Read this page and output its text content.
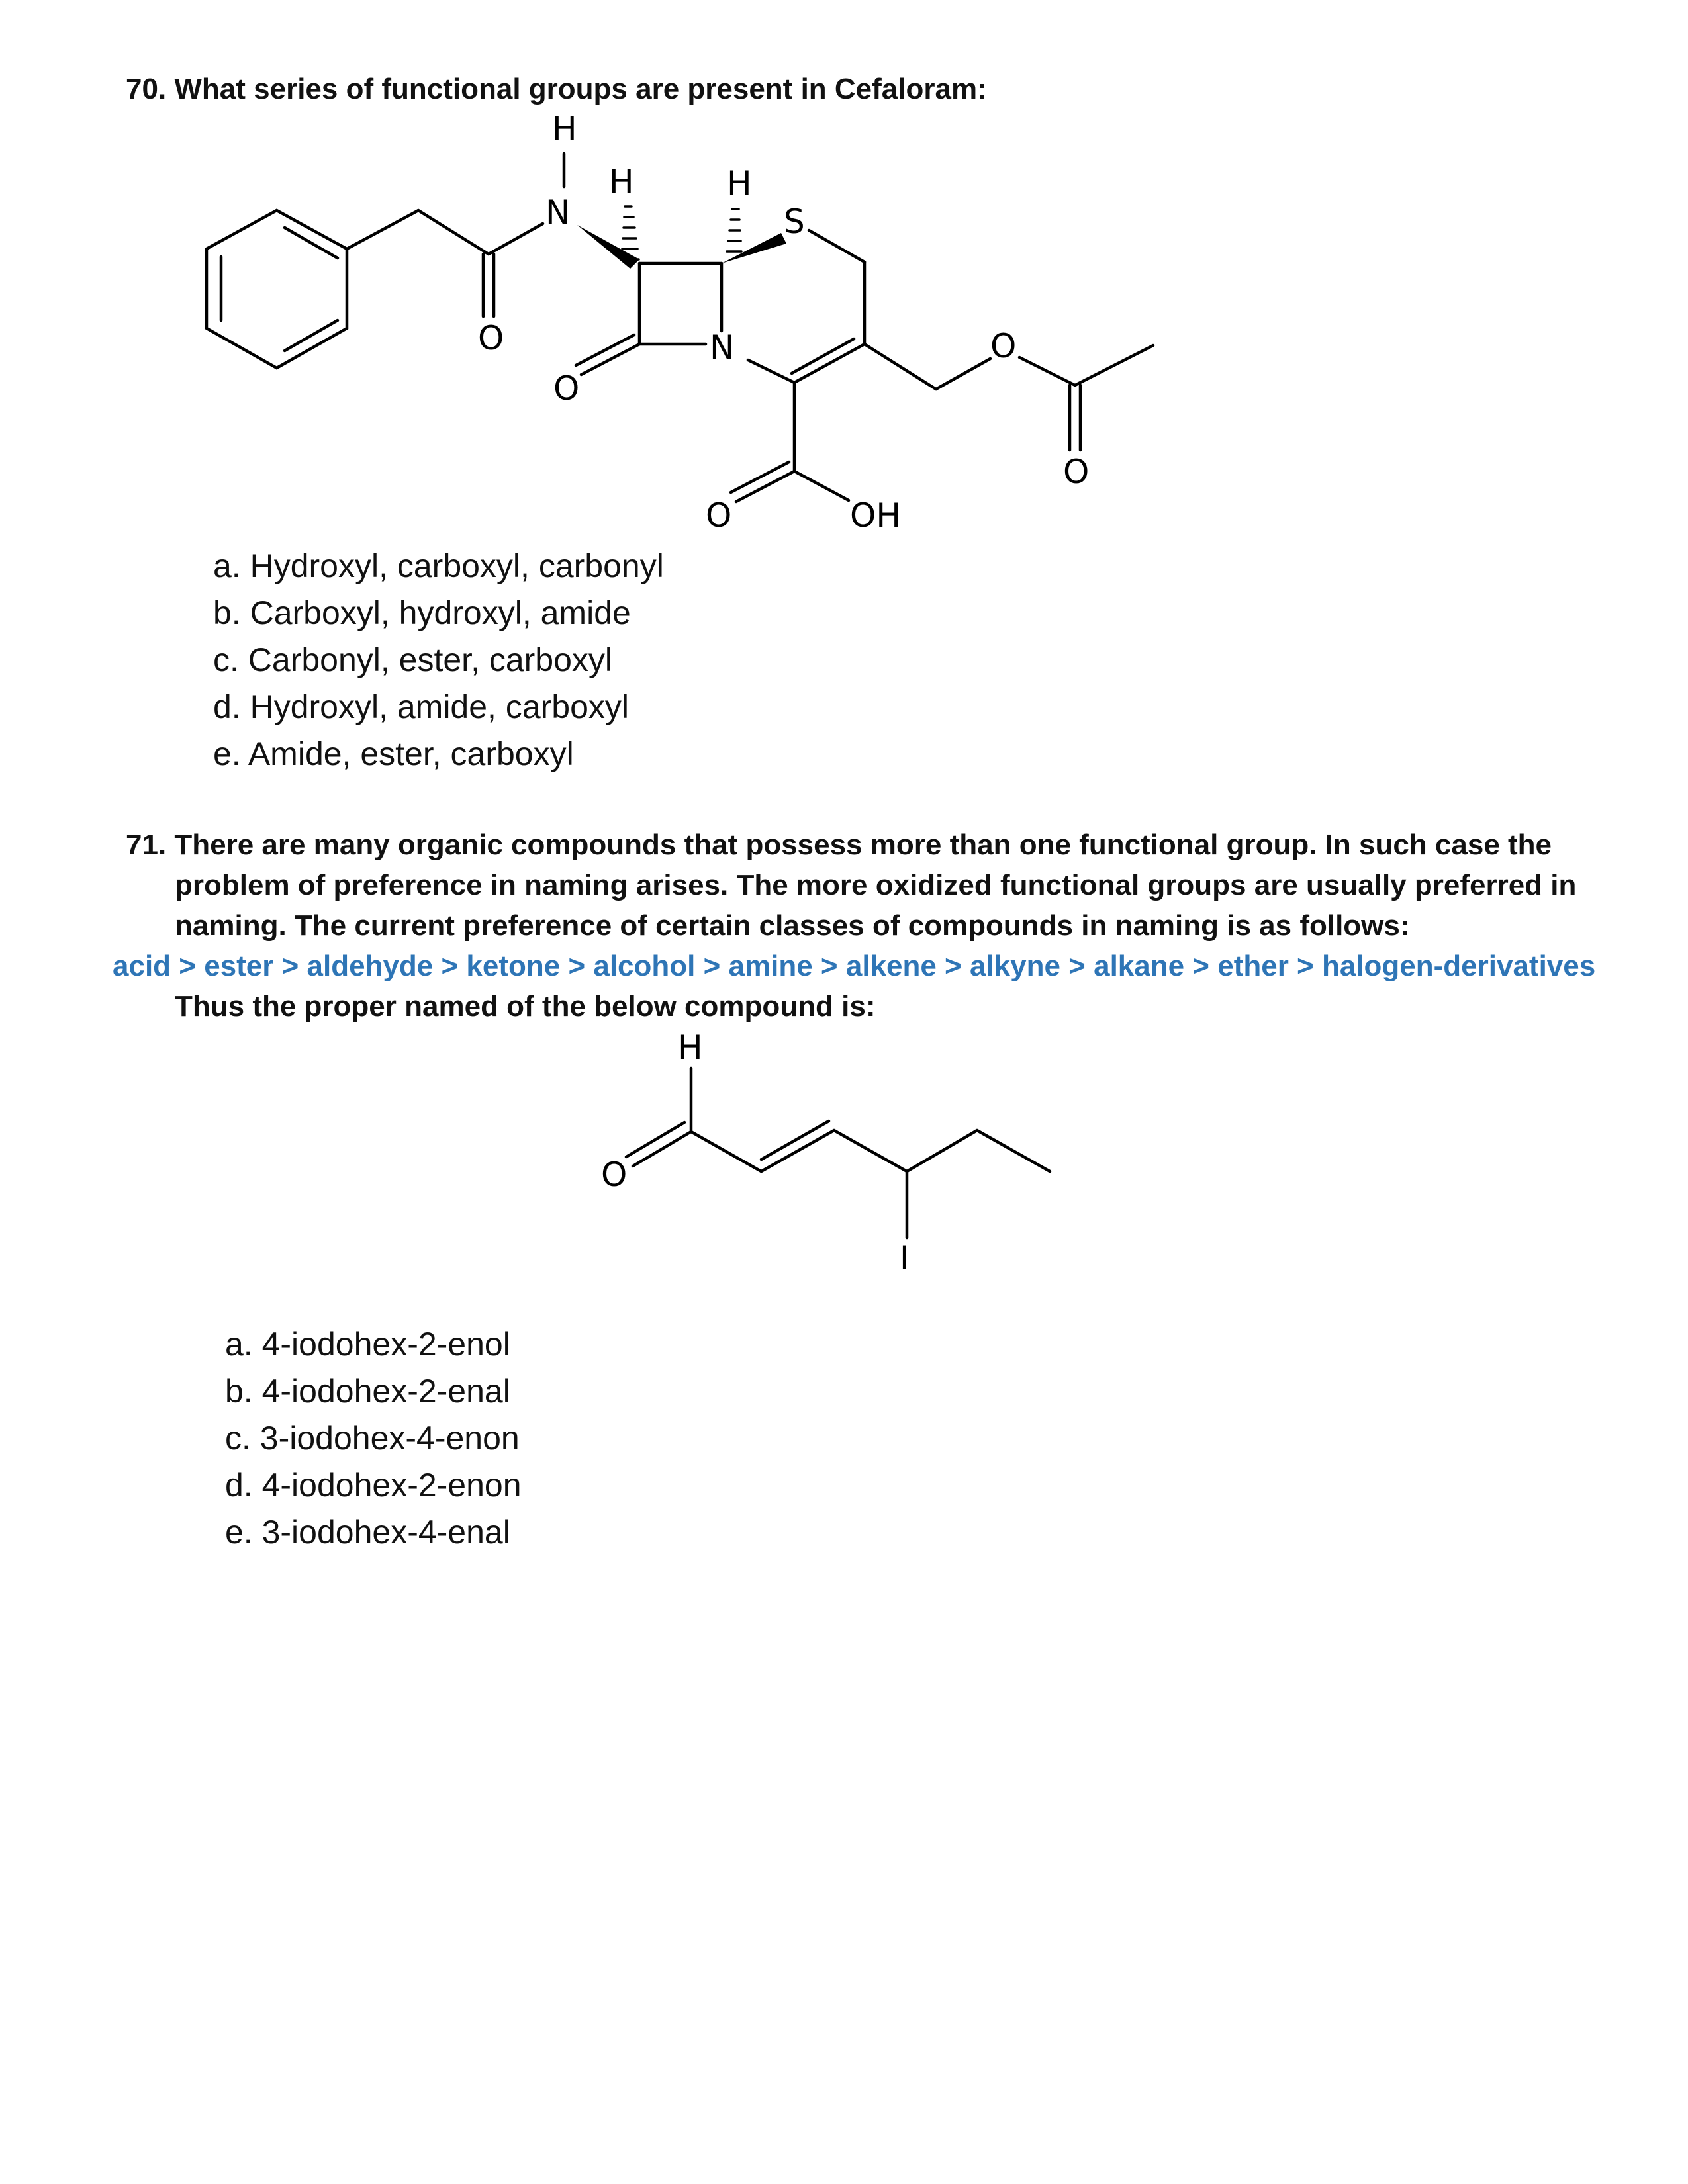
70. What series of functional groups are present in Cefaloram:
O
N
H
H
N
O
H
S
O
O
O	OH
a. Hydroxyl, carboxyl, carbonyl
b. Carboxyl, hydroxyl, amide
c. Carbonyl, ester, carboxyl
d. Hydroxyl, amide, carboxyl
e. Amide, ester, carboxyl
71. There are many organic compounds that possess more than one functional group. In such case the
problem of preference in naming arises. The more oxidized functional groups are usually preferred in
naming. The current preference of certain classes of compounds in naming is as follows:
acid > ester > aldehyde > ketone > alcohol > amine > alkene > alkyne > alkane > ether > halogen-derivatives
Thus the proper named of the below compound is:
H
O
I
a. 4-iodohex-2-enol
b. 4-iodohex-2-enal
c. 3-iodohex-4-enon
d. 4-iodohex-2-enon
e. 3-iodohex-4-enal
